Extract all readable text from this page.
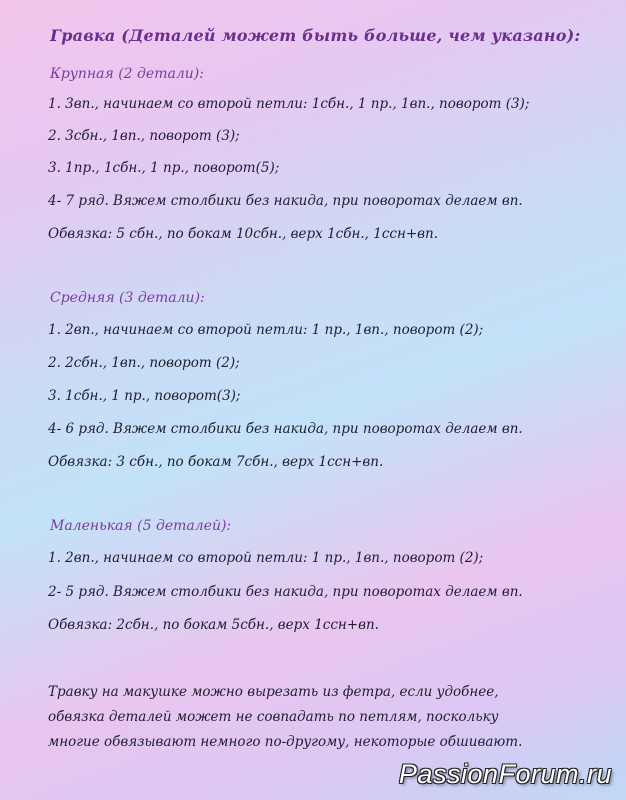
Гравка (Деталей может быть больше, чем указано):
Крупная (2 детали):
1. 3вп., начинаем со второй петли: 1сбн., 1 пр., 1вп., поворот (3);
2. 3сбн., 1вп., поворот (3);
3. 1пр., 1сбн., 1 пр., поворот(5);
4- 7 ряд. Вяжем столбики без накида, при поворотах делаем вп.
Обвязка: 5 сбн., по бокам 10сбн., верх 1сбн., 1ссн+вп.
Средняя (3 детали):
1. 2вп., начинаем со второй петли: 1 пр., 1вп., поворот (2);
2. 2сбн., 1вп., поворот (2);
3. 1сбн., 1 пр., поворот(3);
4- 6 ряд. Вяжем столбики без накида, при поворотах делаем вп.
Обвязка: 3 сбн., по бокам 7сбн., верх 1ссн+вп.
Маленькая (5 деталей):
1. 2вп., начинаем со второй петли: 1 пр., 1вп., поворот (2);
2- 5 ряд. Вяжем столбики без накида, при поворотах делаем вп.
Обвязка: 2сбн., по бокам 5сбн., верх 1ссн+вп.
Травку на макушке можно вырезать из фетра, если удобнее, обвязка деталей может не совпадать по петлям, поскольку многие обвязывают немного по-другому, некоторые обшивают.
PassionForum.ru
